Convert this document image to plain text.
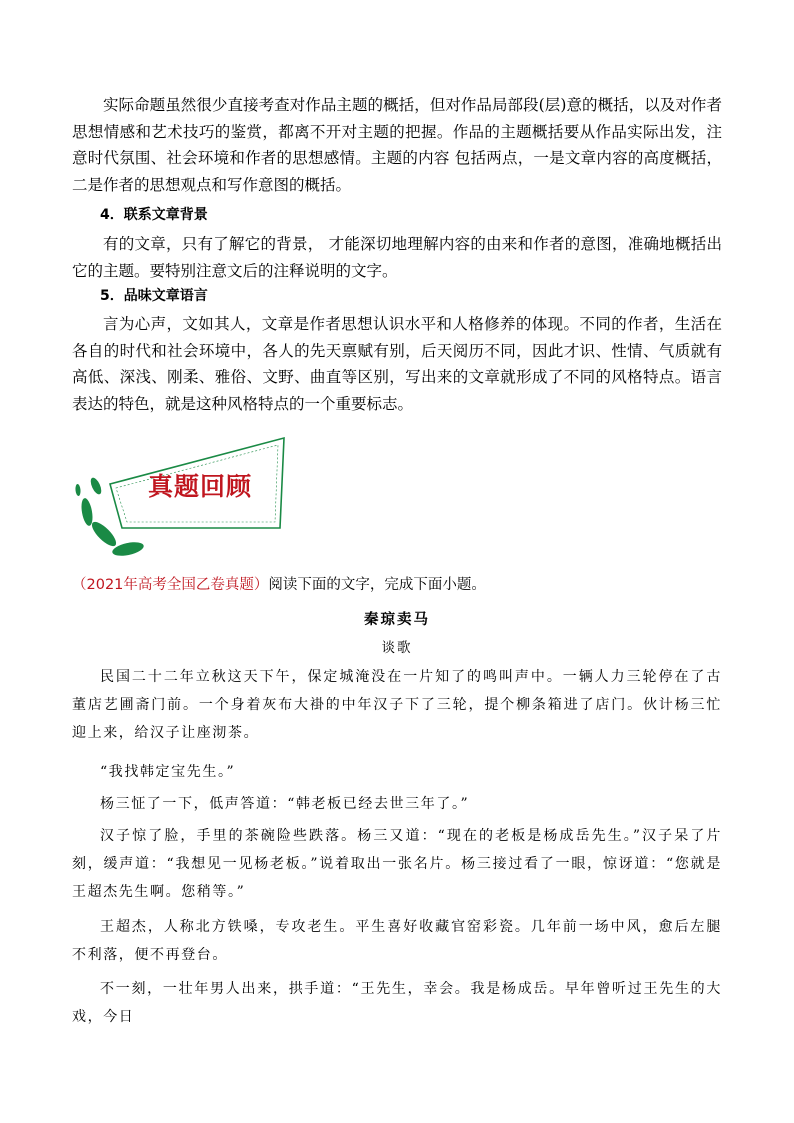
实际命题虽然很少直接考查对作品主题的概括，但对作品局部段(层)意的概括，以及对作者思想情感和艺术技巧的鉴赏，都离不开对主题的把握。作品的主题概括要从作品实际出发，注意时代氛围、社会环境和作者的思想感情。主题的内容 包括两点，一是文章内容的高度概括，二是作者的思想观点和写作意图的概括。
4．联系文章背景
有的文章，只有了解它的背景， 才能深切地理解内容的由来和作者的意图，准确地概括出它的主题。要特别注意文后的注释说明的文字。
5．品味文章语言
言为心声，文如其人，文章是作者思想认识水平和人格修养的体现。不同的作者，生活在各自的时代和社会环境中，各人的先天禀赋有别，后天阅历不同，因此才识、性情、气质就有高低、深浅、刚柔、雅俗、文野、曲直等区别，写出来的文章就形成了不同的风格特点。语言表达的特色，就是这种风格特点的一个重要标志。
真题回顾
（2021年高考全国乙卷真题）阅读下面的文字，完成下面小题。
秦琼卖马
谈歌
民国二十二年立秋这天下午，保定城淹没在一片知了的鸣叫声中。一辆人力三轮停在了古董店艺圃斋门前。一个身着灰布大褂的中年汉子下了三轮，提个柳条箱进了店门。伙计杨三忙迎上来，给汉子让座沏茶。
“我找韩定宝先生。”
杨三怔了一下，低声答道：“韩老板已经去世三年了。”
汉子惊了脸，手里的茶碗险些跌落。杨三又道：“现在的老板是杨成岳先生。”汉子呆了片刻，缓声道：“我想见一见杨老板。”说着取出一张名片。杨三接过看了一眼，惊讶道：“您就是王超杰先生啊。您稍等。”
王超杰，人称北方铁嗓，专攻老生。平生喜好收藏官窑彩瓷。几年前一场中风，愈后左腿不利落，便不再登台。
不一刻，一壮年男人出来，拱手道：“王先生，幸会。我是杨成岳。早年曾听过王先生的大戏，今日
